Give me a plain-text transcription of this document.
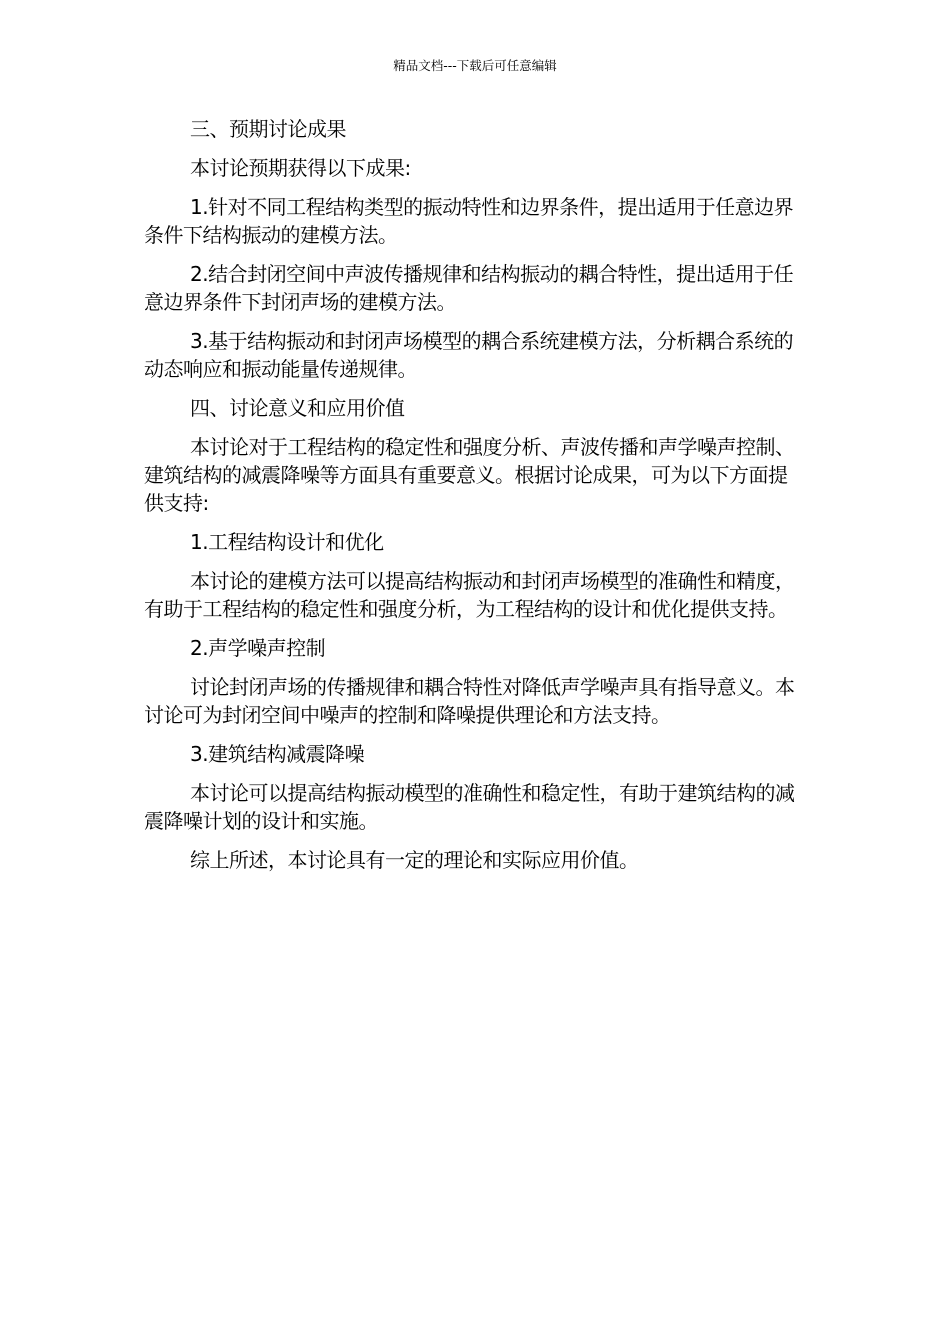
精品文档---下载后可任意编辑

三、预期讨论成果

本讨论预期获得以下成果:

1.针对不同工程结构类型的振动特性和边界条件，提出适用于任意边界条件下结构振动的建模方法。

2.结合封闭空间中声波传播规律和结构振动的耦合特性，提出适用于任意边界条件下封闭声场的建模方法。

3.基于结构振动和封闭声场模型的耦合系统建模方法，分析耦合系统的动态响应和振动能量传递规律。

四、讨论意义和应用价值

本讨论对于工程结构的稳定性和强度分析、声波传播和声学噪声控制、建筑结构的减震降噪等方面具有重要意义。根据讨论成果，可为以下方面提供支持:

1.工程结构设计和优化

本讨论的建模方法可以提高结构振动和封闭声场模型的准确性和精度，有助于工程结构的稳定性和强度分析，为工程结构的设计和优化提供支持。

2.声学噪声控制

讨论封闭声场的传播规律和耦合特性对降低声学噪声具有指导意义。本讨论可为封闭空间中噪声的控制和降噪提供理论和方法支持。

3.建筑结构减震降噪

本讨论可以提高结构振动模型的准确性和稳定性，有助于建筑结构的减震降噪计划的设计和实施。

综上所述，本讨论具有一定的理论和实际应用价值。
